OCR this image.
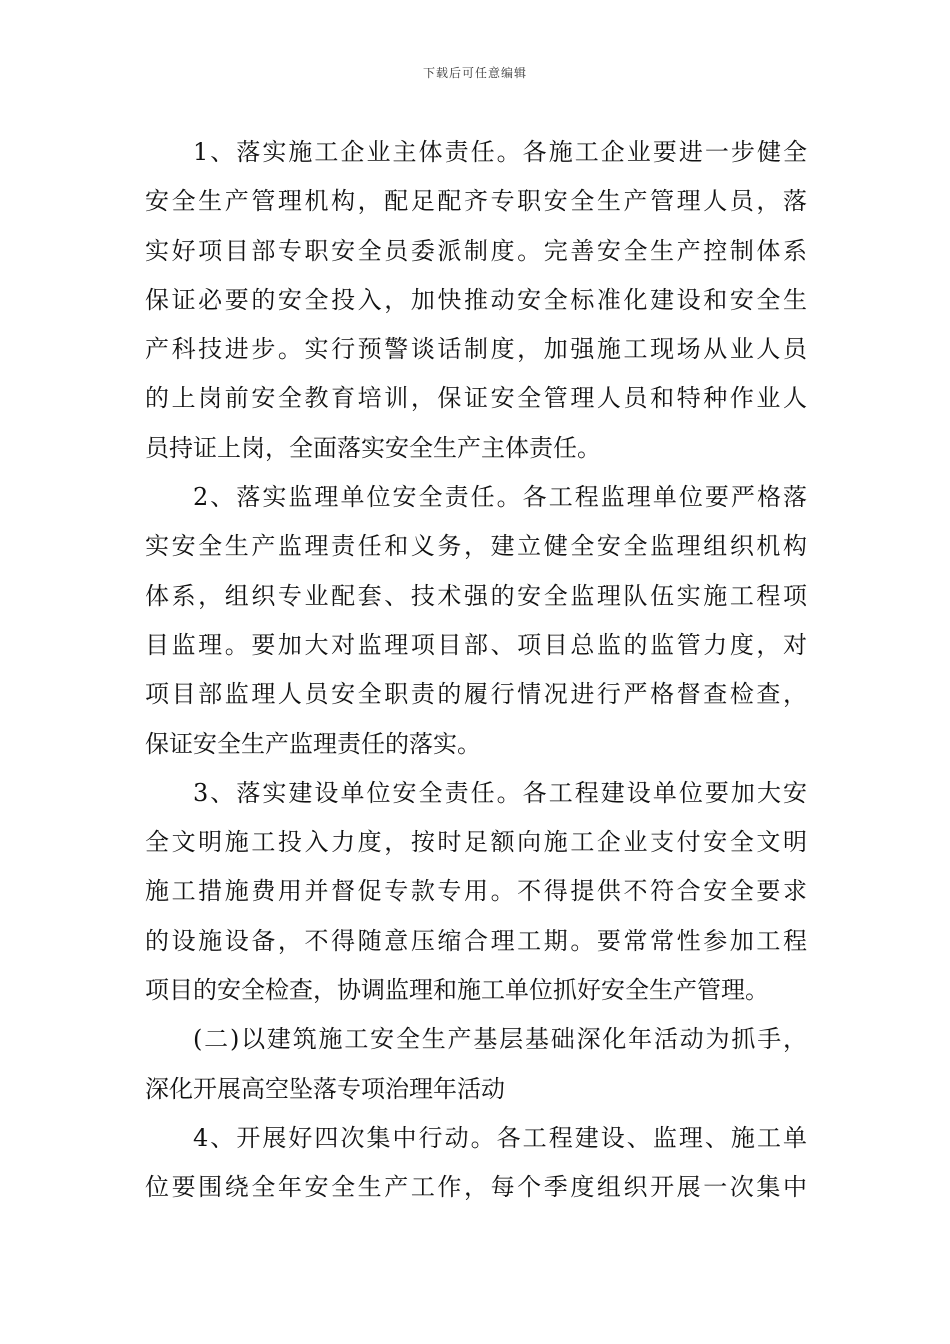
下载后可任意编辑
1、落实施工企业主体责任。各施工企业要进一步健全
安全生产管理机构，配足配齐专职安全生产管理人员，落
实好项目部专职安全员委派制度。完善安全生产控制体系
保证必要的安全投入，加快推动安全标准化建设和安全生
产科技进步。实行预警谈话制度，加强施工现场从业人员
的上岗前安全教育培训，保证安全管理人员和特种作业人
员持证上岗，全面落实安全生产主体责任。
2、落实监理单位安全责任。各工程监理单位要严格落
实安全生产监理责任和义务，建立健全安全监理组织机构
体系，组织专业配套、技术强的安全监理队伍实施工程项
目监理。要加大对监理项目部、项目总监的监管力度，对
项目部监理人员安全职责的履行情况进行严格督查检查，
保证安全生产监理责任的落实。
3、落实建设单位安全责任。各工程建设单位要加大安
全文明施工投入力度，按时足额向施工企业支付安全文明
施工措施费用并督促专款专用。不得提供不符合安全要求
的设施设备，不得随意压缩合理工期。要常常性参加工程
项目的安全检查，协调监理和施工单位抓好安全生产管理。
(二)以建筑施工安全生产基层基础深化年活动为抓手，
深化开展高空坠落专项治理年活动
4、开展好四次集中行动。各工程建设、监理、施工单
位要围绕全年安全生产工作，每个季度组织开展一次集中
